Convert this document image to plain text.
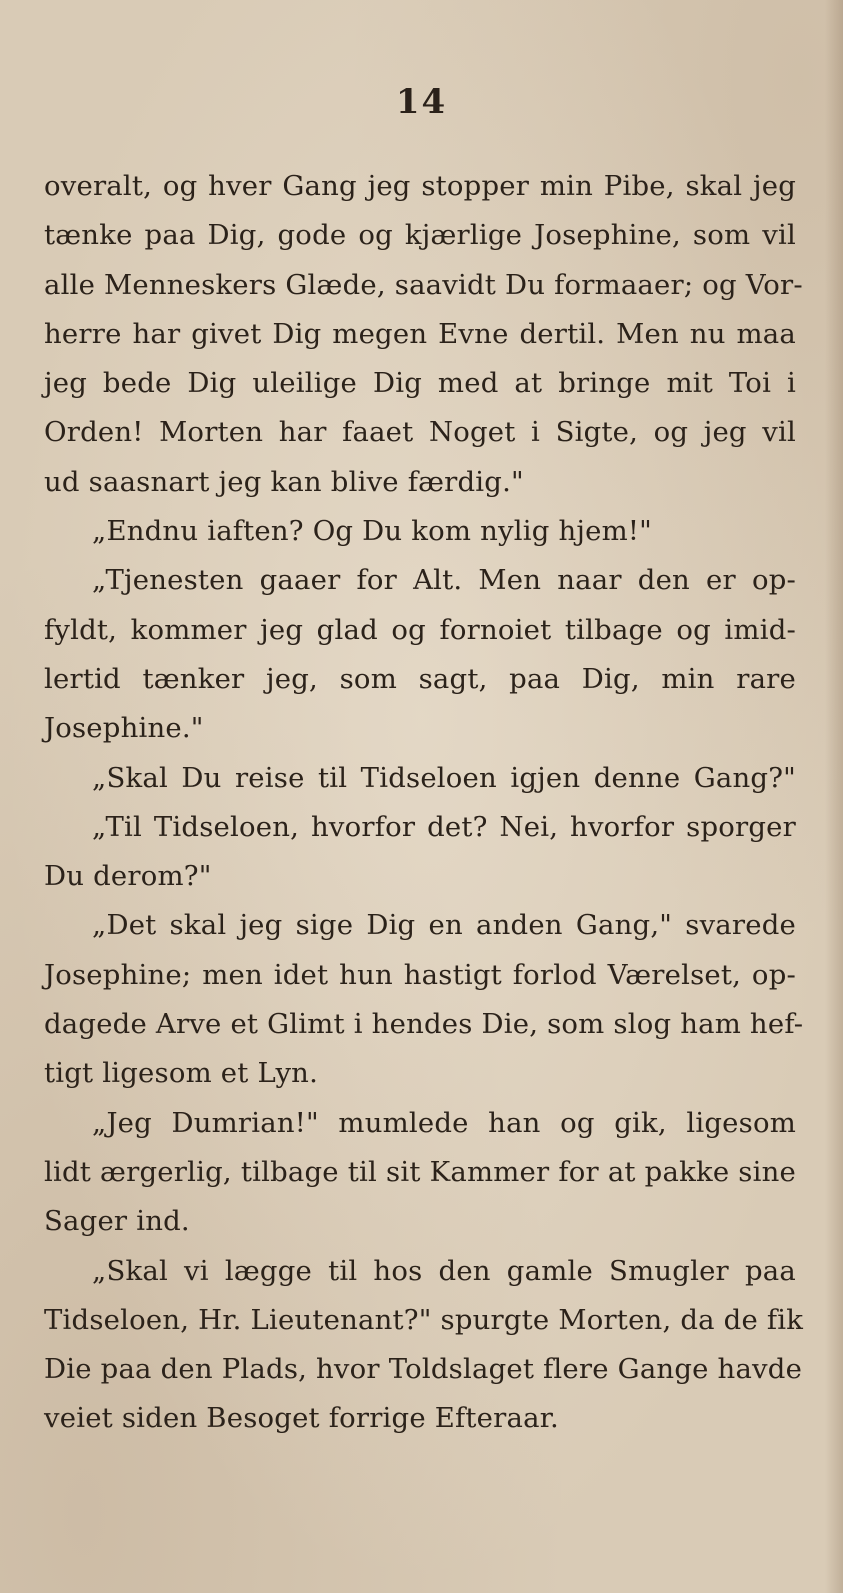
14
overalt, og hver Gang jeg stopper min Pibe, skal jeg
tænke paa Dig, gode og kjærlige Josephine, som vil
alle Menneskers Glæde, saavidt Du formaaer; og Vor-
herre har givet Dig megen Evne dertil. Men nu maa
jeg bede Dig uleilige Dig med at bringe mit Toi i
Orden! Morten har faaet Noget i Sigte, og jeg vil
ud saasnart jeg kan blive færdig."
„Endnu iaften? Og Du kom nylig hjem!"
„Tjenesten gaaer for Alt. Men naar den er op-
fyldt, kommer jeg glad og fornoiet tilbage og imid-
lertid tænker jeg, som sagt, paa Dig, min rare
Josephine."
„Skal Du reise til Tidseloen igjen denne Gang?"
„Til Tidseloen, hvorfor det? Nei, hvorfor sporger
Du derom?"
„Det skal jeg sige Dig en anden Gang," svarede
Josephine; men idet hun hastigt forlod Værelset, op-
dagede Arve et Glimt i hendes Die, som slog ham hef-
tigt ligesom et Lyn.
„Jeg Dumrian!" mumlede han og gik, ligesom
lidt ærgerlig, tilbage til sit Kammer for at pakke sine
Sager ind.
„Skal vi lægge til hos den gamle Smugler paa
Tidseloen, Hr. Lieutenant?" spurgte Morten, da de fik
Die paa den Plads, hvor Toldslaget flere Gange havde
veiet siden Besoget forrige Efteraar.
